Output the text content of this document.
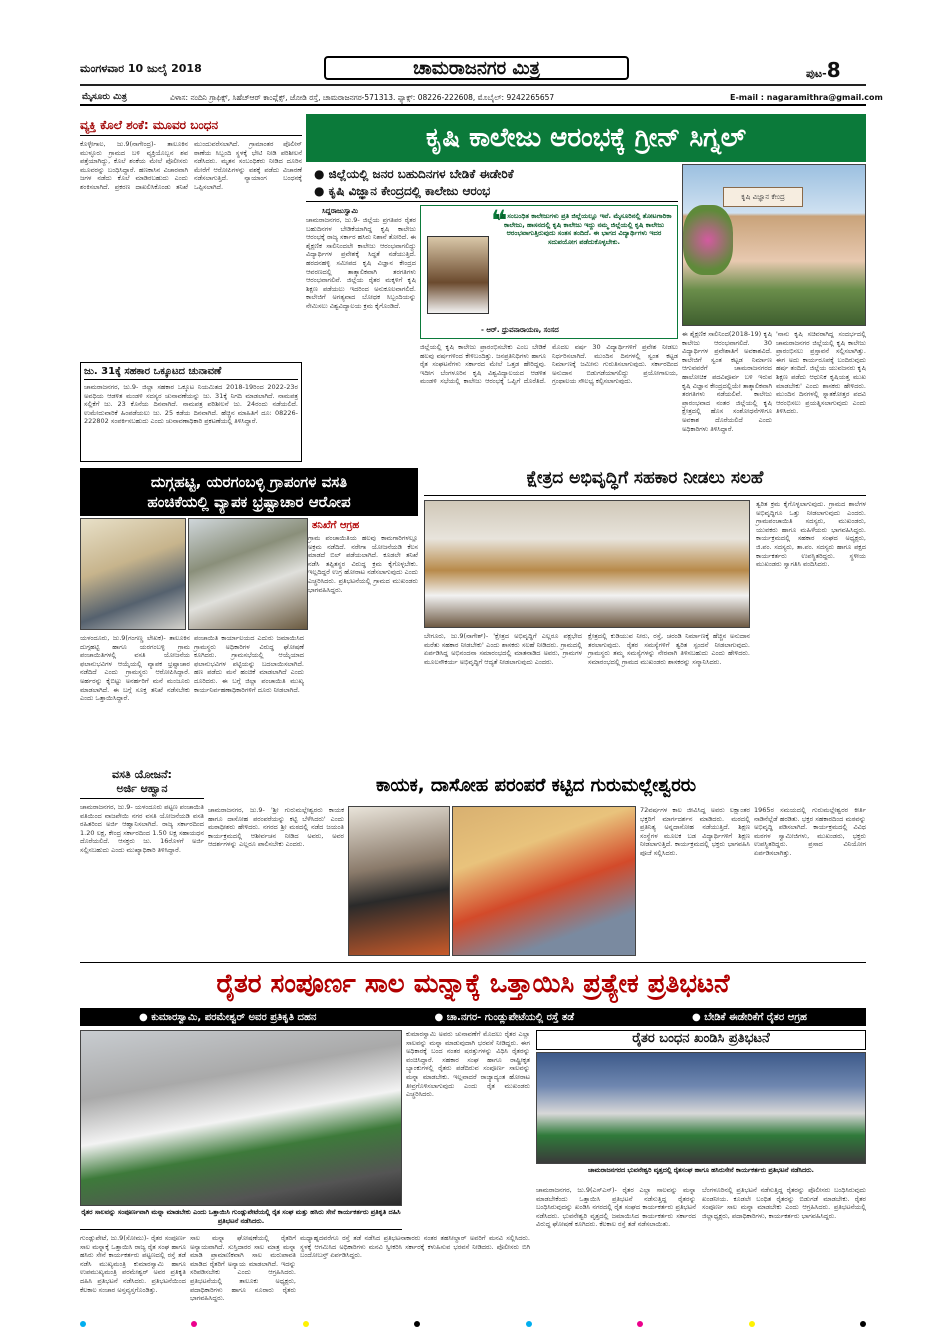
ಮಂಗಳವಾರ 10 ಜುಲೈ 2018	ಚಾಮರಾಜನಗರ ಮಿತ್ರ	ಪುಟ-8
ಮೈಸೂರು ಮಿತ್ರ	ವಿಳಾಸ: ನಂದಿನಿ ಗ್ರಾಫಿಕ್ಸ್, ಸಿಹೆಚ್‌ಆರ್ ಕಾಂಪ್ಲೆಕ್ಸ್, ಜೋಡಿ ರಸ್ತೆ, ಚಾಮರಾಜನಗರ-571313. ಫ್ಯಾಕ್ಸ್: 08226-222608, ಮೊಬೈಲ್: 9242265657	E-mail : nagaramithra@gmail.com
ವ್ಯಕ್ತಿ ಕೊಲೆ ಶಂಕೆ: ಮೂವರ ಬಂಧನ
ಕೊಳ್ಳೇಗಾಲ, ಜು.9(ನಾಗೇಂದ್ರ)- ತಾಲೂಕಿನ ಮುಳ್ಳೂರು ಗ್ರಾಮದ ಬಳಿ ವ್ಯಕ್ತಿಯೊಬ್ಬನ ಶವ ಪತ್ತೆಯಾಗಿದ್ದು, ಕೊಲೆ ಶಂಕೆಯ ಮೇಲೆ ಪೊಲೀಸರು ಮೂವರನ್ನು ಬಂಧಿಸಿದ್ದಾರೆ. ಹಣಕಾಸಿನ ವಿಚಾರವಾಗಿ ಜಗಳ ನಡೆದು ಕೊಲೆ ಮಾಡಿರಬಹುದು ಎಂದು ಶಂಕಿಸಲಾಗಿದೆ. ಪ್ರಕರಣ ದಾಖಲಿಸಿಕೊಂಡು ತನಿಖೆ ಮುಂದುವರೆಸಲಾಗಿದೆ. ಗ್ರಾಮಾಂತರ ಪೊಲೀಸ್ ಠಾಣೆಯ ಸಿಬ್ಬಂದಿ ಸ್ಥಳಕ್ಕೆ ಭೇಟಿ ನೀಡಿ ಪರಿಶೀಲನೆ ನಡೆಸಿದರು. ಮೃತನ ಸಂಬಂಧಿಕರು ನೀಡಿದ ದೂರಿನ ಮೇರೆಗೆ ಆರೋಪಿಗಳನ್ನು ವಶಕ್ಕೆ ಪಡೆದು ವಿಚಾರಣೆ ನಡೆಸಲಾಗುತ್ತಿದೆ. ನ್ಯಾಯಾಂಗ ಬಂಧನಕ್ಕೆ ಒಪ್ಪಿಸಲಾಗಿದೆ.
ಜು. 31ಕ್ಕೆ ಸಹಕಾರ ಒಕ್ಕೂಟದ ಚುನಾವಣೆ
ಚಾಮರಾಜನಗರ, ಜು.9- ಜಿಲ್ಲಾ ಸಹಕಾರ ಒಕ್ಕೂಟ ನಿಯಮಿತದ 2018-19ರಿಂದ 2022-23ರ ಅವಧಿಯ ಆಡಳಿತ ಮಂಡಳಿ ಸದಸ್ಯರ ಚುನಾವಣೆಯನ್ನು ಜು. 31ಕ್ಕೆ ನಿಗದಿ ಮಾಡಲಾಗಿದೆ. ನಾಮಪತ್ರ ಸಲ್ಲಿಕೆಗೆ ಜು. 23 ಕೊನೆಯ ದಿನವಾಗಿದೆ. ನಾಮಪತ್ರ ಪರಿಶೀಲನೆ ಜು. 24ರಂದು ನಡೆಯಲಿದೆ. ಉಮೇದುವಾರಿಕೆ ಹಿಂಪಡೆಯಲು ಜು. 25 ಕಡೆಯ ದಿನವಾಗಿದೆ. ಹೆಚ್ಚಿನ ಮಾಹಿತಿಗೆ ದೂ: 08226-222802 ಸಂಪರ್ಕಿಸಬಹುದು ಎಂದು ಚುನಾವಣಾಧಿಕಾರಿ ಪ್ರಕಟಣೆಯಲ್ಲಿ ತಿಳಿಸಿದ್ದಾರೆ.
ಕೃಷಿ ಕಾಲೇಜು ಆರಂಭಕ್ಕೆ ಗ್ರೀನ್ ಸಿಗ್ನಲ್
● ಜಿಲ್ಲೆಯಲ್ಲಿ ಜನರ ಬಹುದಿನಗಳ ಬೇಡಿಕೆ ಈಡೇರಿಕೆ
● ಕೃಷಿ ವಿಜ್ಞಾನ ಕೇಂದ್ರದಲ್ಲಿ ಕಾಲೇಜು ಆರಂಭ
ಸಿದ್ದರಾಜುಸ್ವಾಮಿ
ಚಾಮರಾಜನಗರ, ಜು.9- ಜಿಲ್ಲೆಯ ಪ್ರಗತಿಪರ ರೈತರ ಬಹುದಿನಗಳ ಬೇಡಿಕೆಯಾಗಿದ್ದ ಕೃಷಿ ಕಾಲೇಜು ಆರಂಭಕ್ಕೆ ರಾಜ್ಯ ಸರ್ಕಾರ ಹಸಿರು ನಿಶಾನೆ ತೋರಿದೆ. ಈ ಶೈಕ್ಷಣಿಕ ಸಾಲಿನಿಂದಲೇ ಕಾಲೇಜು ಆರಂಭವಾಗಲಿದ್ದು ವಿದ್ಯಾರ್ಥಿಗಳ ಪ್ರವೇಶಕ್ಕೆ ಸಿದ್ಧತೆ ನಡೆಯುತ್ತಿದೆ. ಹರದನಹಳ್ಳಿ ಸಮೀಪದ ಕೃಷಿ ವಿಜ್ಞಾನ ಕೇಂದ್ರದ ಆವರಣದಲ್ಲಿ ತಾತ್ಕಾಲಿಕವಾಗಿ ತರಗತಿಗಳು ಆರಂಭವಾಗಲಿವೆ. ಜಿಲ್ಲೆಯ ರೈತರ ಮಕ್ಕಳಿಗೆ ಕೃಷಿ ಶಿಕ್ಷಣ ಪಡೆಯಲು ಇದರಿಂದ ಅನುಕೂಲವಾಗಲಿದೆ. ಕಾಲೇಜಿಗೆ ಅಗತ್ಯವಾದ ಬೋಧಕ ಸಿಬ್ಬಂದಿಯನ್ನು ನೇಮಿಸಲು ವಿಶ್ವವಿದ್ಯಾಲಯ ಕ್ರಮ ಕೈಗೊಂಡಿದೆ.
❝
ಕೃಷಿ ಸಂಬಂಧಿತ ಕಾಲೇಜುಗಳು ಪ್ರತಿ ಜಿಲ್ಲೆಯಲ್ಲೂ ಇವೆ. ಮೈಸೂರಿನಲ್ಲಿ ತೋಟಗಾರಿಕಾ ಕಾಲೇಜು, ಹಾಸನದಲ್ಲಿ ಕೃಷಿ ಕಾಲೇಜು ಇದ್ದು ನಮ್ಮ ಜಿಲ್ಲೆಯಲ್ಲಿ ಕೃಷಿ ಕಾಲೇಜು ಆರಂಭವಾಗುತ್ತಿರುವುದು ಸಂತಸ ತಂದಿದೆ. ಈ ಭಾಗದ ವಿದ್ಯಾರ್ಥಿಗಳು ಇದರ ಸದುಪಯೋಗ ಪಡೆದುಕೊಳ್ಳಬೇಕು.
- ಆರ್. ಧ್ರುವನಾರಾಯಣ, ಸಂಸದ
ಜಿಲ್ಲೆಯಲ್ಲಿ ಕೃಷಿ ಕಾಲೇಜು ಪ್ರಾರಂಭಿಸಬೇಕು ಎಂಬ ಬೇಡಿಕೆ ಹಲವು ವರ್ಷಗಳಿಂದ ಕೇಳಿಬಂದಿತ್ತು. ಜನಪ್ರತಿನಿಧಿಗಳು ಹಾಗೂ ರೈತ ಸಂಘಟನೆಗಳು ಸರ್ಕಾರದ ಮೇಲೆ ಒತ್ತಡ ಹೇರಿದ್ದವು. ಇದೀಗ ಬೆಂಗಳೂರಿನ ಕೃಷಿ ವಿಶ್ವವಿದ್ಯಾಲಯದ ಆಡಳಿತ ಮಂಡಳಿ ಸಭೆಯಲ್ಲಿ ಕಾಲೇಜು ಆರಂಭಕ್ಕೆ ಒಪ್ಪಿಗೆ ದೊರೆತಿದೆ. ಮೊದಲ ವರ್ಷ 30 ವಿದ್ಯಾರ್ಥಿಗಳಿಗೆ ಪ್ರವೇಶ ನೀಡಲು ನಿರ್ಧರಿಸಲಾಗಿದೆ. ಮುಂದಿನ ದಿನಗಳಲ್ಲಿ ಸ್ವಂತ ಕಟ್ಟಡ ನಿರ್ಮಾಣಕ್ಕೆ ಜಮೀನು ಗುರುತಿಸಲಾಗುವುದು. ಸರ್ಕಾರದಿಂದ ಅನುದಾನ ಬಿಡುಗಡೆಯಾಗಲಿದ್ದು ಪ್ರಯೋಗಾಲಯ, ಗ್ರಂಥಾಲಯ ಸೌಲಭ್ಯ ಕಲ್ಪಿಸಲಾಗುವುದು.
ಕೃಷಿ ವಿಜ್ಞಾನ ಕೇಂದ್ರ
ಈ ಶೈಕ್ಷಣಿಕ ಸಾಲಿನಿಂದ(2018-19) ಕೃಷಿ ಕಾಲೇಜು ಆರಂಭವಾಗಲಿದೆ. 30 ವಿದ್ಯಾರ್ಥಿಗಳ ಪ್ರವೇಶಾತಿಗೆ ಅವಕಾಶವಿದೆ. ಕಾಲೇಜಿಗೆ ಸ್ವಂತ ಕಟ್ಟಡ ನಿರ್ಮಾಣ ಆಗುವವರೆಗೆ ಚಾಮರಾಜನಗರದ ಹಾಲೋಚಿಕ ಪದವಿಪೂರ್ವ ಬಳಿ ಇರುವ ಕೃಷಿ ವಿಜ್ಞಾನ ಕೇಂದ್ರದಲ್ಲಿಯೇ ತಾತ್ಕಾಲಿಕವಾಗಿ ತರಗತಿಗಳು ನಡೆಯಲಿವೆ. ಕಾಲೇಜು ಪ್ರಾರಂಭವಾದ ನಂತರ ಜಿಲ್ಲೆಯಲ್ಲಿ ಕೃಷಿ ಕ್ಷೇತ್ರದಲ್ಲಿ ಹೊಸ ಸಂಶೋಧನೆಗಳಿಗೂ ಅವಕಾಶ ದೊರೆಯಲಿದೆ ಎಂದು ಅಧಿಕಾರಿಗಳು ತಿಳಿಸಿದ್ದಾರೆ.
'ನಾನು ಕೃಷಿ ಸಚಿವರಾಗಿದ್ದ ಸಂದರ್ಭದಲ್ಲಿ ಚಾಮರಾಜನಗರ ಜಿಲ್ಲೆಯಲ್ಲಿ ಕೃಷಿ ಕಾಲೇಜು ಪ್ರಾರಂಭಿಸಲು ಪ್ರಸ್ತಾವನೆ ಸಲ್ಲಿಸಲಾಗಿತ್ತು. ಈಗ ಅದು ಕಾರ್ಯರೂಪಕ್ಕೆ ಬಂದಿರುವುದು ಹರ್ಷ ತಂದಿದೆ. ಜಿಲ್ಲೆಯ ಯುವಜನರು ಕೃಷಿ ಶಿಕ್ಷಣ ಪಡೆದು ಆಧುನಿಕ ಕೃಷಿಯತ್ತ ಮುಖ ಮಾಡಬೇಕು' ಎಂದು ಶಾಸಕರು ಹೇಳಿದರು. ಮುಂದಿನ ದಿನಗಳಲ್ಲಿ ಸ್ನಾತಕೋತ್ತರ ಪದವಿ ಆರಂಭಿಸಲು ಪ್ರಯತ್ನಿಸಲಾಗುವುದು ಎಂದು ತಿಳಿಸಿದರು.
ದುಗ್ಗಹಟ್ಟಿ, ಯರಗಂಬಳ್ಳಿ ಗ್ರಾಪಂಗಳ ವಸತಿ
ಹಂಚಿಕೆಯಲ್ಲಿ ವ್ಯಾಪಕ ಭ್ರಷ್ಟಾಚಾರ ಆರೋಪ
ತನಿಖೆಗೆ ಆಗ್ರಹ
ಯಳಂದೂರು, ಜು.9(ಗಂಗಣ್ಣ ಲೇಖಕ)- ತಾಲೂಕಿನ ದುಗ್ಗಹಟ್ಟಿ ಹಾಗೂ ಯರಗಂಬಳ್ಳಿ ಗ್ರಾಮ ಪಂಚಾಯಿತಿಗಳಲ್ಲಿ ವಸತಿ ಯೋಜನೆಯ ಫಲಾನುಭವಿಗಳ ಆಯ್ಕೆಯಲ್ಲಿ ವ್ಯಾಪಕ ಭ್ರಷ್ಟಾಚಾರ ನಡೆದಿದೆ ಎಂದು ಗ್ರಾಮಸ್ಥರು ಆರೋಪಿಸಿದ್ದಾರೆ. ಅರ್ಹರನ್ನು ಕೈಬಿಟ್ಟು ಅನರ್ಹರಿಗೆ ಮನೆ ಮಂಜೂರು ಮಾಡಲಾಗಿದೆ. ಈ ಬಗ್ಗೆ ಸೂಕ್ತ ತನಿಖೆ ನಡೆಸಬೇಕು ಎಂದು ಒತ್ತಾಯಿಸಿದ್ದಾರೆ.
ಪಂಚಾಯಿತಿ ಕಾರ್ಯಾಲಯದ ಎದುರು ಜಮಾಯಿಸಿದ ಗ್ರಾಮಸ್ಥರು ಅಧಿಕಾರಿಗಳ ವಿರುದ್ಧ ಘೋಷಣೆ ಕೂಗಿದರು. ಗ್ರಾಮಸಭೆಯಲ್ಲಿ ಆಯ್ಕೆಯಾದ ಫಲಾನುಭವಿಗಳ ಪಟ್ಟಿಯನ್ನು ಬದಲಾಯಿಸಲಾಗಿದೆ. ಹಣ ಪಡೆದು ಮನೆ ಹಂಚಿಕೆ ಮಾಡಲಾಗಿದೆ ಎಂದು ದೂರಿದರು. ಈ ಬಗ್ಗೆ ಜಿಲ್ಲಾ ಪಂಚಾಯಿತಿ ಮುಖ್ಯ ಕಾರ್ಯನಿರ್ವಹಣಾಧಿಕಾರಿಗಳಿಗೆ ದೂರು ನೀಡಲಾಗಿದೆ.
ಗ್ರಾಮ ಪಂಚಾಯಿತಿಯ ಹಲವು ಕಾಮಗಾರಿಗಳಲ್ಲೂ ಅಕ್ರಮ ನಡೆದಿದೆ. ನರೇಗಾ ಯೋಜನೆಯಡಿ ಕೆಲಸ ಮಾಡದೆ ಬಿಲ್ ಪಡೆಯಲಾಗಿದೆ. ಕೂಡಲೇ ತನಿಖೆ ನಡೆಸಿ ತಪ್ಪಿತಸ್ಥರ ವಿರುದ್ಧ ಕ್ರಮ ಕೈಗೊಳ್ಳಬೇಕು. ಇಲ್ಲದಿದ್ದರೆ ಉಗ್ರ ಹೋರಾಟ ನಡೆಸಲಾಗುವುದು ಎಂದು ಎಚ್ಚರಿಸಿದರು. ಪ್ರತಿಭಟನೆಯಲ್ಲಿ ಗ್ರಾಮದ ಮುಖಂಡರು ಭಾಗವಹಿಸಿದ್ದರು.
ಕ್ಷೇತ್ರದ ಅಭಿವೃದ್ಧಿಗೆ ಸಹಕಾರ ನೀಡಲು ಸಲಹೆ
ಬೇಗೂರು, ಜು.9(ನಾಗೇಶ್)- 'ಕ್ಷೇತ್ರದ ಅಭಿವೃದ್ಧಿಗೆ ಎಲ್ಲರೂ ಪಕ್ಷಭೇದ ಮರೆತು ಸಹಕಾರ ನೀಡಬೇಕು' ಎಂದು ಶಾಸಕರು ಸಲಹೆ ನೀಡಿದರು. ಗ್ರಾಮದಲ್ಲಿ ಏರ್ಪಡಿಸಿದ್ದ ಅಭಿನಂದನಾ ಸಮಾರಂಭದಲ್ಲಿ ಮಾತನಾಡಿದ ಅವರು, ಗ್ರಾಮಗಳ ಮೂಲಸೌಕರ್ಯ ಅಭಿವೃದ್ಧಿಗೆ ಆದ್ಯತೆ ನೀಡಲಾಗುವುದು ಎಂದರು.
ಕ್ಷೇತ್ರದಲ್ಲಿ ಕುಡಿಯುವ ನೀರು, ರಸ್ತೆ, ಚರಂಡಿ ನಿರ್ಮಾಣಕ್ಕೆ ಹೆಚ್ಚಿನ ಅನುದಾನ ತರಲಾಗುವುದು. ರೈತರ ಸಮಸ್ಯೆಗಳಿಗೆ ತ್ವರಿತ ಸ್ಪಂದನೆ ನೀಡಲಾಗುವುದು. ಗ್ರಾಮಸ್ಥರು ತಮ್ಮ ಸಮಸ್ಯೆಗಳನ್ನು ನೇರವಾಗಿ ತಿಳಿಸಬಹುದು ಎಂದು ಹೇಳಿದರು. ಸಮಾರಂಭದಲ್ಲಿ ಗ್ರಾಮದ ಮುಖಂಡರು ಶಾಸಕರನ್ನು ಸನ್ಮಾನಿಸಿದರು.
ತ್ವರಿತ ಕ್ರಮ ಕೈಗೊಳ್ಳಲಾಗುವುದು. ಗ್ರಾಮದ ಶಾಲೆಗಳ ಅಭಿವೃದ್ಧಿಗೂ ಒತ್ತು ನೀಡಲಾಗುವುದು ಎಂದರು. ಗ್ರಾಮಪಂಚಾಯಿತಿ ಸದಸ್ಯರು, ಮುಖಂಡರು, ಯುವಕರು ಹಾಗೂ ಮಹಿಳೆಯರು ಭಾಗವಹಿಸಿದ್ದರು. ಕಾರ್ಯಕ್ರಮದಲ್ಲಿ ಸಹಕಾರ ಸಂಘದ ಅಧ್ಯಕ್ಷರು, ಜಿ.ಪಂ. ಸದಸ್ಯರು, ತಾ.ಪಂ. ಸದಸ್ಯರು ಹಾಗೂ ಪಕ್ಷದ ಕಾರ್ಯಕರ್ತರು ಉಪಸ್ಥಿತರಿದ್ದರು. ಸ್ಥಳೀಯ ಮುಖಂಡರು ಸ್ವಾಗತಿಸಿ ವಂದಿಸಿದರು.
ವಸತಿ ಯೋಜನೆ:
ಅರ್ಜಿ ಆಹ್ವಾನ
ಚಾಮರಾಜನಗರ, ಜು.9- ಯಳಂದೂರು ಪಟ್ಟಣ ಪಂಚಾಯಿತಿ ವತಿಯಿಂದ ವಾಜಪೇಯಿ ನಗರ ವಸತಿ ಯೋಜನೆಯಡಿ ವಸತಿ ರಹಿತರಿಂದ ಅರ್ಜಿ ಆಹ್ವಾನಿಸಲಾಗಿದೆ. ರಾಜ್ಯ ಸರ್ಕಾರದಿಂದ 1.20 ಲಕ್ಷ, ಕೇಂದ್ರ ಸರ್ಕಾರದಿಂದ 1.50 ಲಕ್ಷ ಸಹಾಯಧನ ದೊರೆಯಲಿದೆ. ಆಸಕ್ತರು ಜು. 16ರೊಳಗೆ ಅರ್ಜಿ ಸಲ್ಲಿಸಬಹುದು ಎಂದು ಮುಖ್ಯಾಧಿಕಾರಿ ತಿಳಿಸಿದ್ದಾರೆ.
ಕಾಯಕ, ದಾಸೋಹ ಪರಂಪರೆ ಕಟ್ಟಿದ ಗುರುಮಲ್ಲೇಶ್ವರರು
ಚಾಮರಾಜನಗರ, ಜು.9- 'ಶ್ರೀ ಗುರುಮಲ್ಲೇಶ್ವರರು ಕಾಯಕ ಹಾಗೂ ದಾಸೋಹ ಪರಂಪರೆಯನ್ನು ಕಟ್ಟಿ ಬೆಳೆಸಿದರು' ಎಂದು ಮಠಾಧೀಶರು ಹೇಳಿದರು. ನಗರದ ಶ್ರೀ ಮಠದಲ್ಲಿ ನಡೆದ ಜಯಂತಿ ಕಾರ್ಯಕ್ರಮದಲ್ಲಿ ಆಶೀರ್ವಚನ ನೀಡಿದ ಅವರು, ಅವರ ಆದರ್ಶಗಳನ್ನು ಎಲ್ಲರೂ ಪಾಲಿಸಬೇಕು ಎಂದರು.
72ವರ್ಷಗಳ ಕಾಲ ಜೀವಿಸಿದ್ದ ಅವರು ಲಕ್ಷಾಂತರ ಭಕ್ತರಿಗೆ ಮಾರ್ಗದರ್ಶನ ಮಾಡಿದರು. ಮಠದಲ್ಲಿ ಪ್ರತಿನಿತ್ಯ ಅನ್ನದಾಸೋಹ ನಡೆಯುತ್ತಿದೆ. ಶಿಕ್ಷಣ ಸಂಸ್ಥೆಗಳ ಮೂಲಕ ಬಡ ವಿದ್ಯಾರ್ಥಿಗಳಿಗೆ ಶಿಕ್ಷಣ ನೀಡಲಾಗುತ್ತಿದೆ. ಕಾರ್ಯಕ್ರಮದಲ್ಲಿ ಭಕ್ತರು ಭಾಗವಹಿಸಿ ಪೂಜೆ ಸಲ್ಲಿಸಿದರು.
1965ರ ಸಮಯದಲ್ಲಿ ಗುರುಮಲ್ಲೇಶ್ವರರ ಕೀರ್ತಿ ನಾಡಿನೆಲ್ಲೆಡೆ ಹರಡಿತು. ಭಕ್ತರ ಸಹಕಾರದಿಂದ ಮಠವನ್ನು ಅಭಿವೃದ್ಧಿ ಪಡಿಸಲಾಗಿದೆ. ಕಾರ್ಯಕ್ರಮದಲ್ಲಿ ವಿವಿಧ ಮಠಗಳ ಸ್ವಾಮೀಜಿಗಳು, ಮುಖಂಡರು, ಭಕ್ತರು ಉಪಸ್ಥಿತರಿದ್ದರು. ಪ್ರಸಾದ ವಿನಿಯೋಗ ಏರ್ಪಡಿಸಲಾಗಿತ್ತು.
ರೈತರ ಸಂಪೂರ್ಣ ಸಾಲ ಮನ್ನಾಕ್ಕೆ ಒತ್ತಾಯಿಸಿ ಪ್ರತ್ಯೇಕ ಪ್ರತಿಭಟನೆ
● ಕುಮಾರಸ್ವಾಮಿ, ಪರಮೇಶ್ವರ್ ಅವರ ಪ್ರತಿಕೃತಿ ದಹನ	● ಚಾ.ನಗರ- ಗುಂಡ್ಲುಪೇಟೆಯಲ್ಲಿ ರಸ್ತೆ ತಡೆ	● ಬೇಡಿಕೆ ಈಡೇರಿಕೆಗೆ ರೈತರ ಆಗ್ರಹ
ರೈತರ ಸಾಲವನ್ನು ಸಂಪೂರ್ಣವಾಗಿ ಮನ್ನಾ ಮಾಡಬೇಕು ಎಂದು ಒತ್ತಾಯಿಸಿ ಗುಂಡ್ಲುಪೇಟೆಯಲ್ಲಿ ರೈತ ಸಂಘ ಮತ್ತು ಹಸಿರು ಸೇನೆ ಕಾರ್ಯಕರ್ತರು ಪ್ರತಿಕೃತಿ ದಹಿಸಿ ಪ್ರತಿಭಟನೆ ನಡೆಸಿದರು.
ಕುಮಾರಸ್ವಾಮಿ ಅವರು ಚುನಾವಣೆಗೆ ಮೊದಲು ರೈತರ ಎಲ್ಲಾ ಸಾಲವನ್ನು ಮನ್ನಾ ಮಾಡುವುದಾಗಿ ಭರವಸೆ ನೀಡಿದ್ದರು. ಈಗ ಅಧಿಕಾರಕ್ಕೆ ಬಂದ ನಂತರ ಷರತ್ತುಗಳನ್ನು ವಿಧಿಸಿ ರೈತರನ್ನು ವಂಚಿಸಿದ್ದಾರೆ. ಸಹಕಾರ ಸಂಘ ಹಾಗೂ ರಾಷ್ಟ್ರೀಕೃತ ಬ್ಯಾಂಕುಗಳಲ್ಲಿ ರೈತರು ಪಡೆದಿರುವ ಸಂಪೂರ್ಣ ಸಾಲವನ್ನು ಮನ್ನಾ ಮಾಡಬೇಕು. ಇಲ್ಲವಾದರೆ ರಾಜ್ಯಾದ್ಯಂತ ಹೋರಾಟ ತೀವ್ರಗೊಳಿಸಲಾಗುವುದು ಎಂದು ರೈತ ಮುಖಂಡರು ಎಚ್ಚರಿಸಿದರು.
ಗುಂಡ್ಲುಪೇಟೆ, ಜು.9(ಸೋಮು)- ರೈತರ ಸಂಪೂರ್ಣ ಸಾಲ ಮನ್ನಾಕ್ಕೆ ಒತ್ತಾಯಿಸಿ ರಾಜ್ಯ ರೈತ ಸಂಘ ಹಾಗೂ ಹಸಿರು ಸೇನೆ ಕಾರ್ಯಕರ್ತರು ಪಟ್ಟಣದಲ್ಲಿ ರಸ್ತೆ ತಡೆ ನಡೆಸಿ ಮುಖ್ಯಮಂತ್ರಿ ಕುಮಾರಸ್ವಾಮಿ ಹಾಗೂ ಉಪಮುಖ್ಯಮಂತ್ರಿ ಪರಮೇಶ್ವರ್ ಅವರ ಪ್ರತಿಕೃತಿ ದಹಿಸಿ ಪ್ರತಿಭಟನೆ ನಡೆಸಿದರು. ಪ್ರತಿಭಟನೆಯಿಂದ ಕೆಲಕಾಲ ಸಂಚಾರ ಅಸ್ತವ್ಯಸ್ತಗೊಂಡಿತ್ತು.
ಸಾಲ ಮನ್ನಾ ಘೋಷಣೆಯಲ್ಲಿ ರೈತರಿಗೆ ಅನ್ಯಾಯವಾಗಿದೆ. ಸುಸ್ತಿದಾರರ ಸಾಲ ಮಾತ್ರ ಮನ್ನಾ ಮಾಡಿ ಪ್ರಾಮಾಣಿಕವಾಗಿ ಸಾಲ ಮರುಪಾವತಿ ಮಾಡಿದ ರೈತರಿಗೆ ಅನ್ಯಾಯ ಮಾಡಲಾಗಿದೆ. ಇದನ್ನು ಸರಿಪಡಿಸಬೇಕು ಎಂದು ಆಗ್ರಹಿಸಿದರು. ಪ್ರತಿಭಟನೆಯಲ್ಲಿ ತಾಲೂಕು ಅಧ್ಯಕ್ಷರು, ಪದಾಧಿಕಾರಿಗಳು ಹಾಗೂ ನೂರಾರು ರೈತರು ಭಾಗವಹಿಸಿದ್ದರು.
ಮಧ್ಯಾಹ್ನದವರೆಗೂ ರಸ್ತೆ ತಡೆ ನಡೆಸಿದ ಪ್ರತಿಭಟನಾಕಾರರು ನಂತರ ತಹಸೀಲ್ದಾರ್ ಅವರಿಗೆ ಮನವಿ ಸಲ್ಲಿಸಿದರು. ಸ್ಥಳಕ್ಕೆ ಆಗಮಿಸಿದ ಅಧಿಕಾರಿಗಳು ಮನವಿ ಸ್ವೀಕರಿಸಿ ಸರ್ಕಾರಕ್ಕೆ ಕಳುಹಿಸುವ ಭರವಸೆ ನೀಡಿದರು. ಪೊಲೀಸರು ಬಿಗಿ ಬಂದೋಬಸ್ತ್ ಏರ್ಪಡಿಸಿದ್ದರು.
ರೈತರ ಬಂಧನ ಖಂಡಿಸಿ ಪ್ರತಿಭಟನೆ
ಚಾಮರಾಜನಗರದ ಭುವನೇಶ್ವರಿ ವೃತ್ತದಲ್ಲಿ ರೈತಸಂಘ ಹಾಗೂ ಹಸಿರುಸೇನೆ ಕಾರ್ಯಕರ್ತರು ಪ್ರತಿಭಟನೆ ನಡೆಸಿದರು.
ಚಾಮರಾಜನಗರ, ಜು.9(ಎಸ್‌ಎಸ್)- ರೈತರ ಎಲ್ಲಾ ಸಾಲವನ್ನು ಮನ್ನಾ ಮಾಡಬೇಕೆಂದು ಒತ್ತಾಯಿಸಿ ಪ್ರತಿಭಟನೆ ನಡೆಸುತ್ತಿದ್ದ ರೈತರನ್ನು ಬಂಧಿಸಿರುವುದನ್ನು ಖಂಡಿಸಿ ನಗರದಲ್ಲಿ ರೈತ ಸಂಘದ ಕಾರ್ಯಕರ್ತರು ಪ್ರತಿಭಟನೆ ನಡೆಸಿದರು. ಭುವನೇಶ್ವರಿ ವೃತ್ತದಲ್ಲಿ ಜಮಾಯಿಸಿದ ಕಾರ್ಯಕರ್ತರು ಸರ್ಕಾರದ ವಿರುದ್ಧ ಘೋಷಣೆ ಕೂಗಿದರು. ಕೆಲಕಾಲ ರಸ್ತೆ ತಡೆ ನಡೆಸಲಾಯಿತು.
ಬೆಂಗಳೂರಿನಲ್ಲಿ ಪ್ರತಿಭಟನೆ ನಡೆಸುತ್ತಿದ್ದ ರೈತರನ್ನು ಪೊಲೀಸರು ಬಂಧಿಸಿರುವುದು ಖಂಡನೀಯ. ಕೂಡಲೇ ಬಂಧಿತ ರೈತರನ್ನು ಬಿಡುಗಡೆ ಮಾಡಬೇಕು. ರೈತರ ಸಂಪೂರ್ಣ ಸಾಲ ಮನ್ನಾ ಮಾಡಬೇಕು ಎಂದು ಆಗ್ರಹಿಸಿದರು. ಪ್ರತಿಭಟನೆಯಲ್ಲಿ ಜಿಲ್ಲಾಧ್ಯಕ್ಷರು, ಪದಾಧಿಕಾರಿಗಳು, ಕಾರ್ಯಕರ್ತರು ಭಾಗವಹಿಸಿದ್ದರು.
